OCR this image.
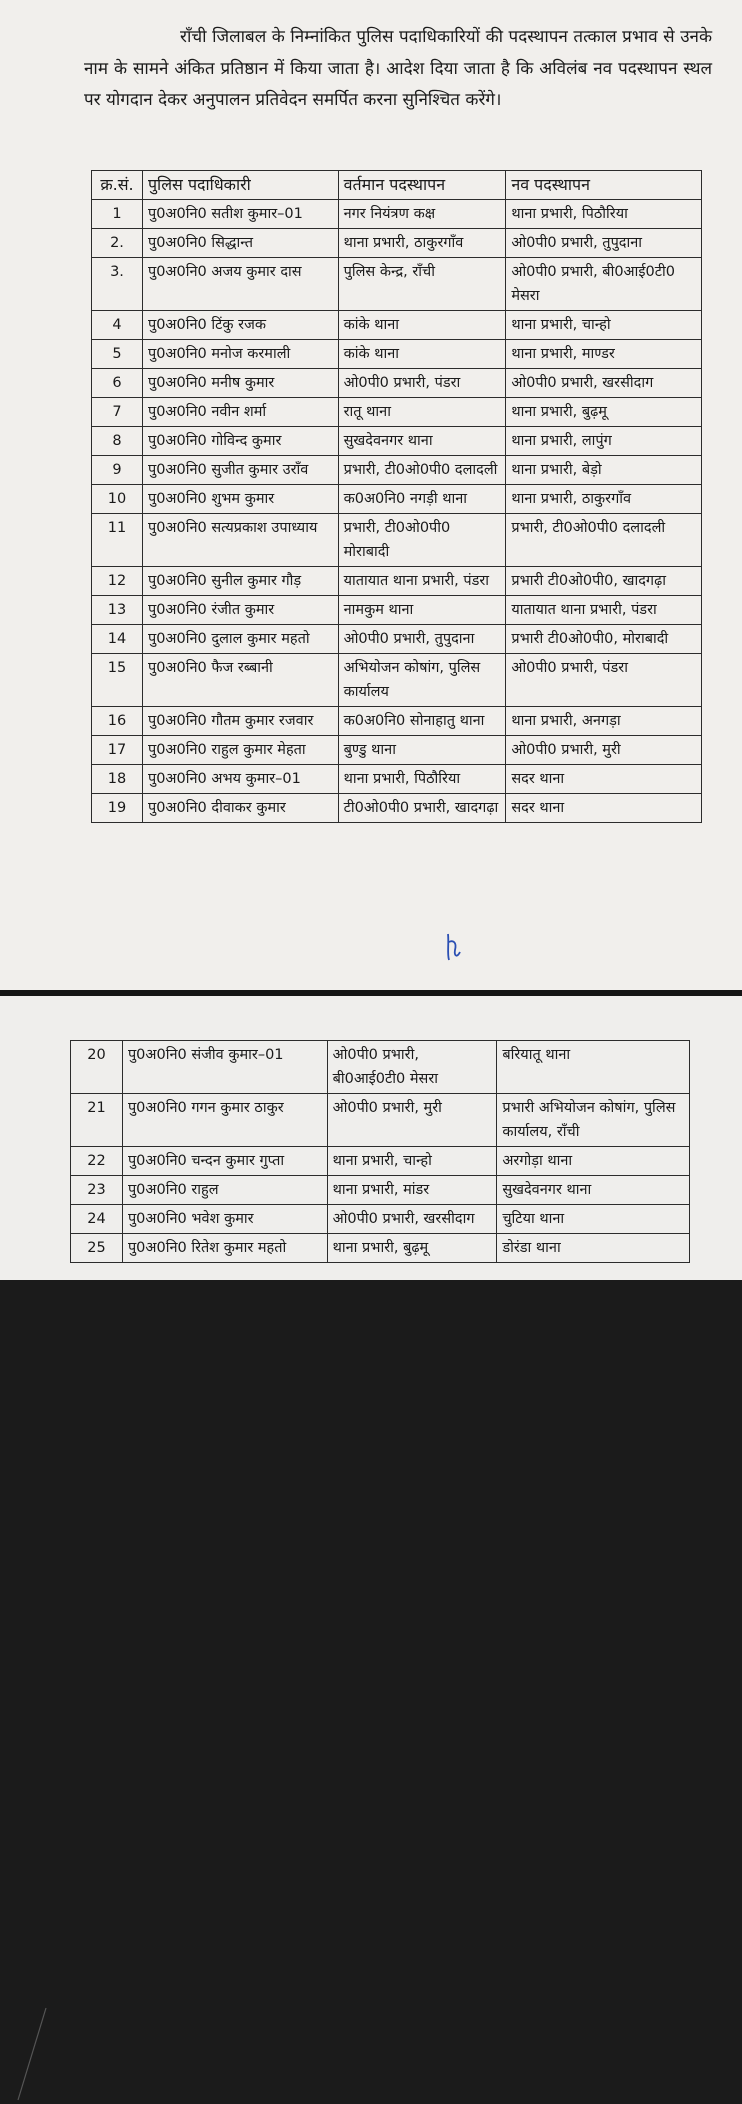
राँची जिलाबल के निम्नांकित पुलिस पदाधिकारियों की पदस्थापन तत्काल प्रभाव से उनके नाम के सामने अंकित प्रतिष्ठान में किया जाता है। आदेश दिया जाता है कि अविलंब नव पदस्थापन स्थल पर योगदान देकर अनुपालन प्रतिवेदन समर्पित करना सुनिश्चित करेंगे।

क्र.सं.	पुलिस पदाधिकारी	वर्तमान पदस्थापन	नव पदस्थापन
1	पु0अ0नि0 सतीश कुमार–01	नगर नियंत्रण कक्ष	थाना प्रभारी, पिठौरिया
2.	पु0अ0नि0 सिद्धान्त	थाना प्रभारी, ठाकुरगाँव	ओ0पी0 प्रभारी, तुपुदाना
3.	पु0अ0नि0 अजय कुमार दास	पुलिस केन्द्र, राँची	ओ0पी0 प्रभारी, बी0आई0टी0 मेसरा
4	पु0अ0नि0 टिंकु रजक	कांके थाना	थाना प्रभारी, चान्हो
5	पु0अ0नि0 मनोज करमाली	कांके थाना	थाना प्रभारी, माण्डर
6	पु0अ0नि0 मनीष कुमार	ओ0पी0 प्रभारी, पंडरा	ओ0पी0 प्रभारी, खरसीदाग
7	पु0अ0नि0 नवीन शर्मा	रातू थाना	थाना प्रभारी, बुढ़मू
8	पु0अ0नि0 गोविन्द कुमार	सुखदेवनगर थाना	थाना प्रभारी, लापुंग
9	पु0अ0नि0 सुजीत कुमार उराँव	प्रभारी, टी0ओ0पी0 दलादली	थाना प्रभारी, बेड़ो
10	पु0अ0नि0 शुभम कुमार	क0अ0नि0 नगड़ी थाना	थाना प्रभारी, ठाकुरगाँव
11	पु0अ0नि0 सत्यप्रकाश उपाध्याय	प्रभारी, टी0ओ0पी0 मोराबादी	प्रभारी, टी0ओ0पी0 दलादली
12	पु0अ0नि0 सुनील कुमार गौड़	यातायात थाना प्रभारी, पंडरा	प्रभारी टी0ओ0पी0, खादगढ़ा
13	पु0अ0नि0 रंजीत कुमार	नामकुम थाना	यातायात थाना प्रभारी, पंडरा
14	पु0अ0नि0 दुलाल कुमार महतो	ओ0पी0 प्रभारी, तुपुदाना	प्रभारी टी0ओ0पी0, मोराबादी
15	पु0अ0नि0 फैज रब्बानी	अभियोजन कोषांग, पुलिस कार्यालय	ओ0पी0 प्रभारी, पंडरा
16	पु0अ0नि0 गौतम कुमार रजवार	क0अ0नि0 सोनाहातु थाना	थाना प्रभारी, अनगड़ा
17	पु0अ0नि0 राहुल कुमार मेहता	बुण्डु थाना	ओ0पी0 प्रभारी, मुरी
18	पु0अ0नि0 अभय कुमार–01	थाना प्रभारी, पिठौरिया	सदर थाना
19	पु0अ0नि0 दीवाकर कुमार	टी0ओ0पी0 प्रभारी, खादगढ़ा	सदर थाना
20	पु0अ0नि0 संजीव कुमार–01	ओ0पी0 प्रभारी, बी0आई0टी0 मेसरा	बरियातू थाना
21	पु0अ0नि0 गगन कुमार ठाकुर	ओ0पी0 प्रभारी, मुरी	प्रभारी अभियोजन कोषांग, पुलिस कार्यालय, राँची
22	पु0अ0नि0 चन्दन कुमार गुप्ता	थाना प्रभारी, चान्हो	अरगोड़ा थाना
23	पु0अ0नि0 राहुल	थाना प्रभारी, मांडर	सुखदेवनगर थाना
24	पु0अ0नि0 भवेश कुमार	ओ0पी0 प्रभारी, खरसीदाग	चुटिया थाना
25	पु0अ0नि0 रितेश कुमार महतो	थाना प्रभारी, बुढ़मू	डोरंडा थाना
